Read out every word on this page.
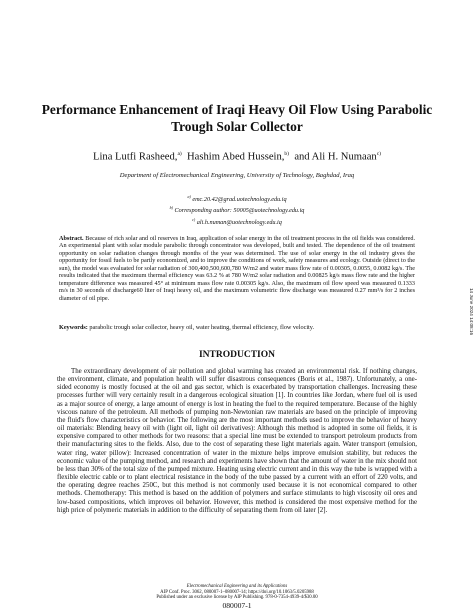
Performance Enhancement of Iraqi Heavy Oil Flow Using Parabolic Trough Solar Collector
Lina Lutfi Rasheed,$^{a)}$ Hashim Abed Hussein,$^{b)}$ and Ali H. Numaan$^{c)}$
Department of Electromechanical Engineering, University of Technology, Baghdad, Iraq
$^{a)}$ emc.20.42@grad.uotechnology.edu.iq
$^{b)}$ Corresponding author: 50005@uotechnology.edu.iq
$^{c)}$ ali.h.numan@uotechnology.edu.iq
Abstract. Because of rich solar and oil reserves in Iraq, application of solar energy in the oil treatment process in the oil fields was considered. An experimental plant with solar module parabolic through concentrator was developed, built and tested. The dependence of the oil treatment opportunity on solar radiation changes through months of the year was determined. The use of solar energy in the oil industry gives the opportunity for fossil fuels to be partly economized, and to improve the conditions of work, safety measures and ecology. Outside (direct to the sun), the model was evaluated for solar radiation of 300,400,500,600,780 W/m2 and water mass flow rate of 0.00305, 0.0055, 0.0082 kg/s. The results indicated that the maximum thermal efficiency was 63.2 % at 780 W/m2 solar radiation and 0.00825 kg/s mass flow rate and the higher temperature difference was measured 45° at minimum mass flow rate 0.00305 kg/s. Also, the maximum oil flow speed was measured 0.1333 m/s in 30 seconds of discharge60 liter of Iraqi heavy oil, and the maximum volumetric flow discharge was measured 0.27 mm³/s for 2 inches diameter of oil pipe.
Keywords: parabolic trough solar collector, heavy oil, water heating, thermal efficiency, flow velocity.
INTRODUCTION

The extraordinary development of air pollution and global warming has created an environmental risk. If nothing changes, the environment, climate, and population health will suffer disastrous consequences (Boris et al., 1987). Unfortunately, a one-sided economy is mostly focused at the oil and gas sector, which is exacerbated by transportation challenges. Increasing these processes further will very certainly result in a dangerous ecological situation [1]. In countries like Jordan, where fuel oil is used as a major source of energy, a large amount of energy is lost in heating the fuel to the required temperature. Because of the highly viscous nature of the petroleum. All methods of pumping non-Newtonian raw materials are based on the principle of improving the fluid's flow characteristics or behavior. The following are the most important methods used to improve the behavior of heavy oil materials: Blending heavy oil with (light oil, light oil derivatives): Although this method is adopted in some oil fields, it is expensive compared to other methods for two reasons: that a special line must be extended to transport petroleum products from their manufacturing sites to the fields. Also, due to the cost of separating these light materials again. Water transport (emulsion, water ring, water pillow): Increased concentration of water in the mixture helps improve emulsion stability, but reduces the economic value of the pumping method, and research and experiments have shown that the amount of water in the mix should not be less than 30% of the total size of the pumped mixture. Heating using electric current and in this way the tube is wrapped with a flexible electric cable or to plant electrical resistance in the body of the tube passed by a current with an effort of 220 volts, and the operating degree reaches 250C, but this method is not commonly used because it is not economical compared to other methods. Chemotherapy: This method is based on the addition of polymers and surface stimulants to high viscosity oil ores and low-based compositions, which improves oil behavior. However, this method is considered the most expensive method for the high price of polymeric materials in addition to the difficulty of separating them from oil later [2].

14 June 2024 14:08:16
Electromechanical Engineering and its Applications
AIP Conf. Proc. 3062, 080007-1–080007-14; https://doi.org/10.1063/5.0205988
Published under an exclusive license by AIP Publishing. 978-0-7354-4939-4/$30.00
080007-1
